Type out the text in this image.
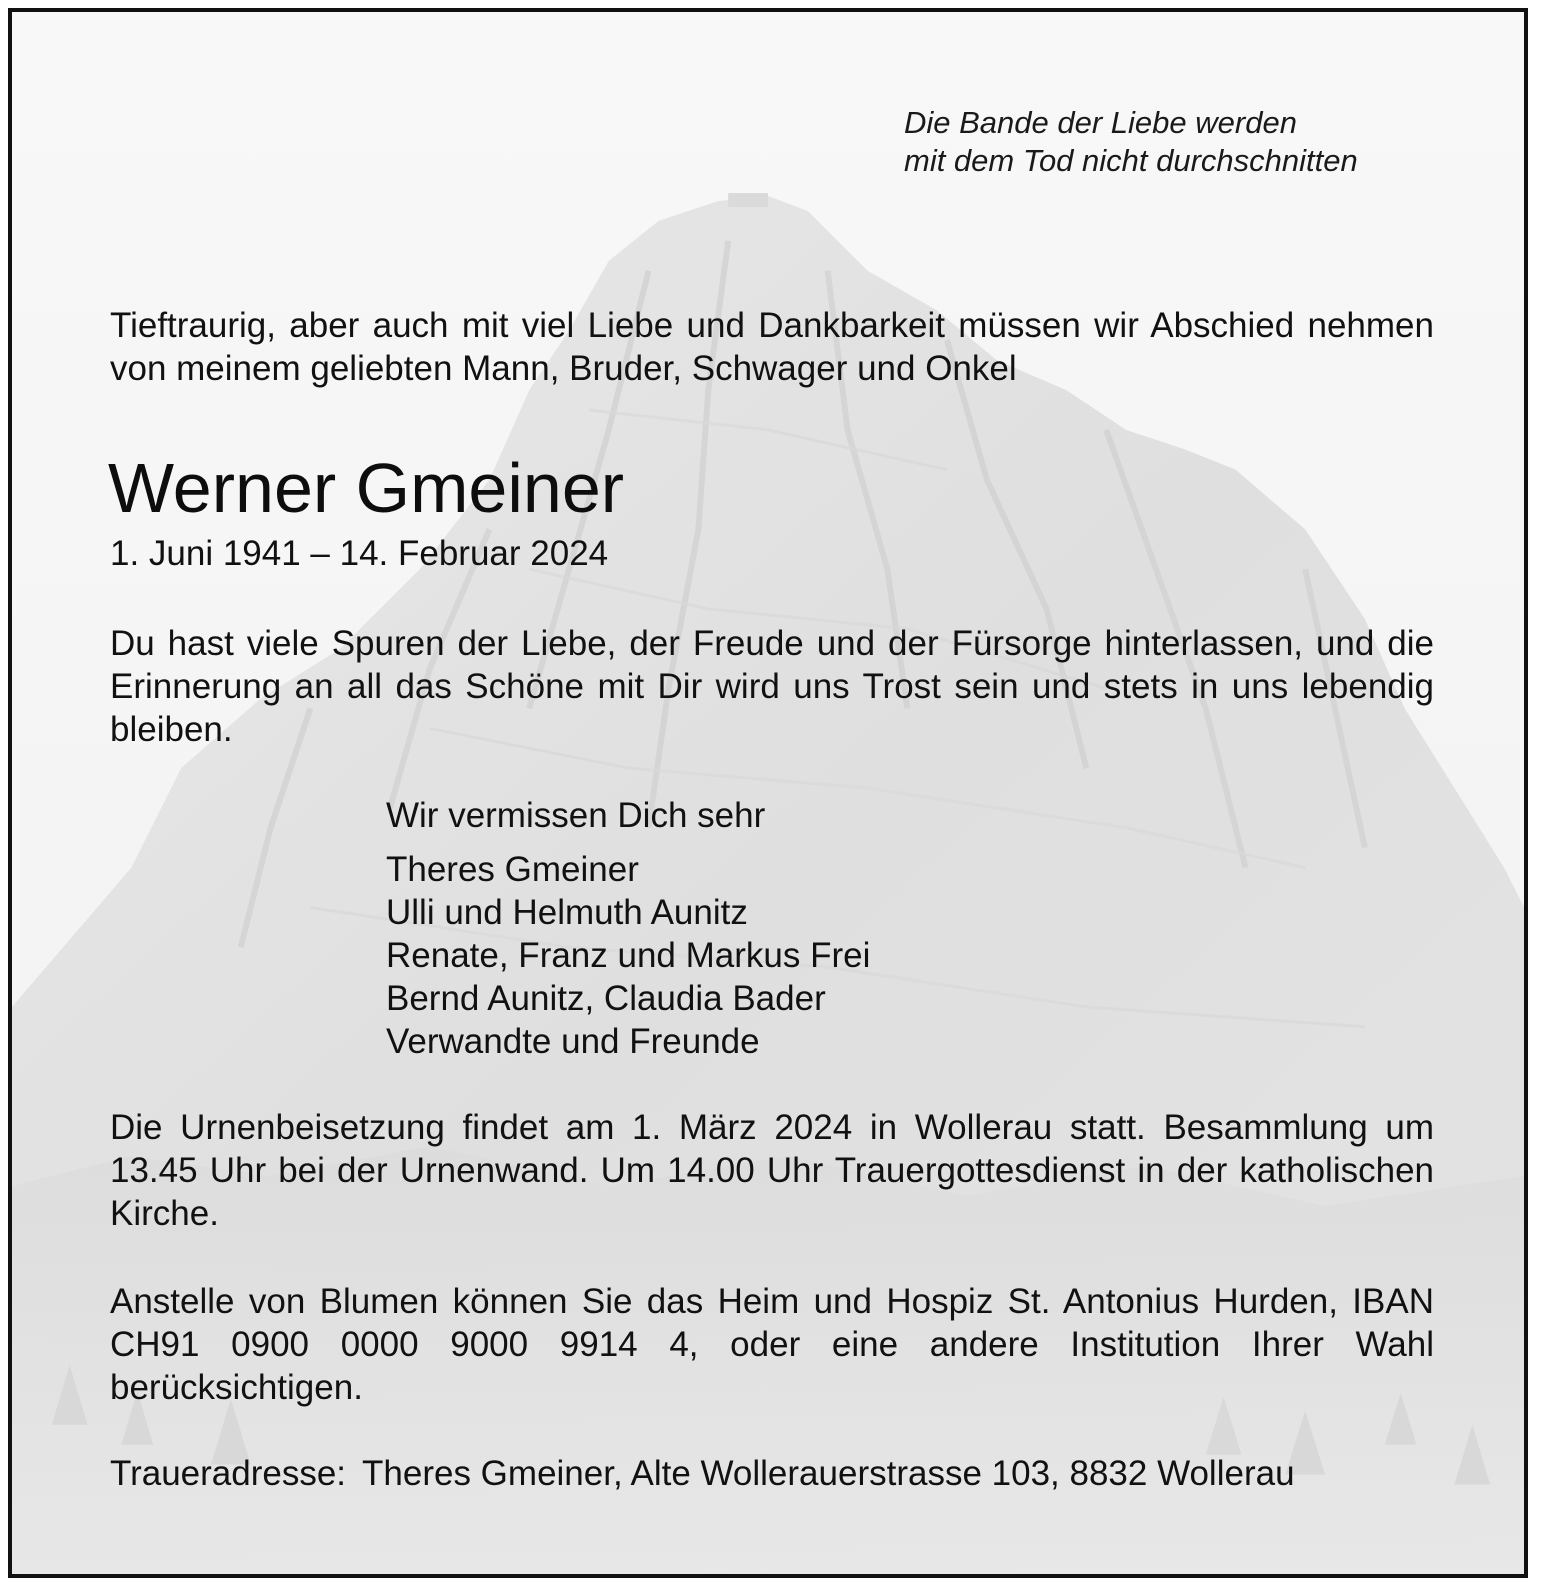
Die Bande der Liebe werden
mit dem Tod nicht durchschnitten
Tieftraurig, aber auch mit viel Liebe und Dankbarkeit müssen wir Abschied nehmen von meinem geliebten Mann, Bruder, Schwager und Onkel
Werner Gmeiner
1. Juni 1941 – 14. Februar 2024
Du hast viele Spuren der Liebe, der Freude und der Fürsorge hinterlassen, und die Erinnerung an all das Schöne mit Dir wird uns Trost sein und stets in uns lebendig bleiben.
Wir vermissen Dich sehr
Theres Gmeiner
Ulli und Helmuth Aunitz
Renate, Franz und Markus Frei
Bernd Aunitz, Claudia Bader
Verwandte und Freunde
Die Urnenbeisetzung findet am 1. März 2024 in Wollerau statt. Besammlung um 13.45 Uhr bei der Urnenwand. Um 14.00 Uhr Trauergottesdienst in der katholischen Kirche.
Anstelle von Blumen können Sie das Heim und Hospiz St. Antonius Hurden, IBAN CH91 0900 0000 9000 9914 4, oder eine andere Institution Ihrer Wahl berücksichtigen.
Traueradresse: Theres Gmeiner, Alte Wollerauerstrasse 103, 8832 Wollerau
